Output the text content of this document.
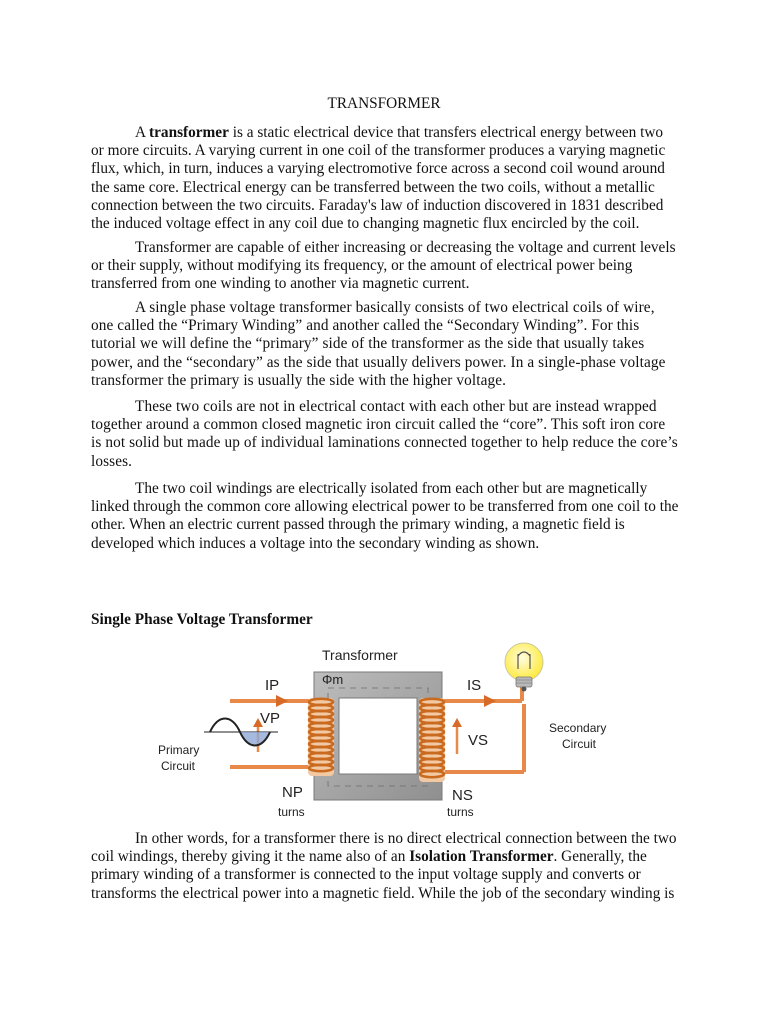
TRANSFORMER

A transformer is a static electrical device that transfers electrical energy between two or more circuits. A varying current in one coil of the transformer produces a varying magnetic flux, which, in turn, induces a varying electromotive force across a second coil wound around the same core. Electrical energy can be transferred between the two coils, without a metallic connection between the two circuits. Faraday's law of induction discovered in 1831 described the induced voltage effect in any coil due to changing magnetic flux encircled by the coil.

Transformer are capable of either increasing or decreasing the voltage and current levels or their supply, without modifying its frequency, or the amount of electrical power being transferred from one winding to another via magnetic current.

A single phase voltage transformer basically consists of two electrical coils of wire, one called the “Primary Winding” and another called the “Secondary Winding”. For this tutorial we will define the “primary” side of the transformer as the side that usually takes power, and the “secondary” as the side that usually delivers power. In a single-phase voltage transformer the primary is usually the side with the higher voltage.

These two coils are not in electrical contact with each other but are instead wrapped together around a common closed magnetic iron circuit called the “core”. This soft iron core is not solid but made up of individual laminations connected together to help reduce the core’s losses.

The two coil windings are electrically isolated from each other but are magnetically linked through the common core allowing electrical power to be transferred from one coil to the other. When an electric current passed through the primary winding, a magnetic field is developed which induces a voltage into the secondary winding as shown.

Single Phase Voltage Transformer
Transformer
Φm
IP
VP
IS
VS
NP
turns
NS
turns
Primary
Circuit
Secondary
Circuit

In other words, for a transformer there is no direct electrical connection between the two coil windings, thereby giving it the name also of an Isolation Transformer. Generally, the primary winding of a transformer is connected to the input voltage supply and converts or transforms the electrical power into a magnetic field. While the job of the secondary winding is
